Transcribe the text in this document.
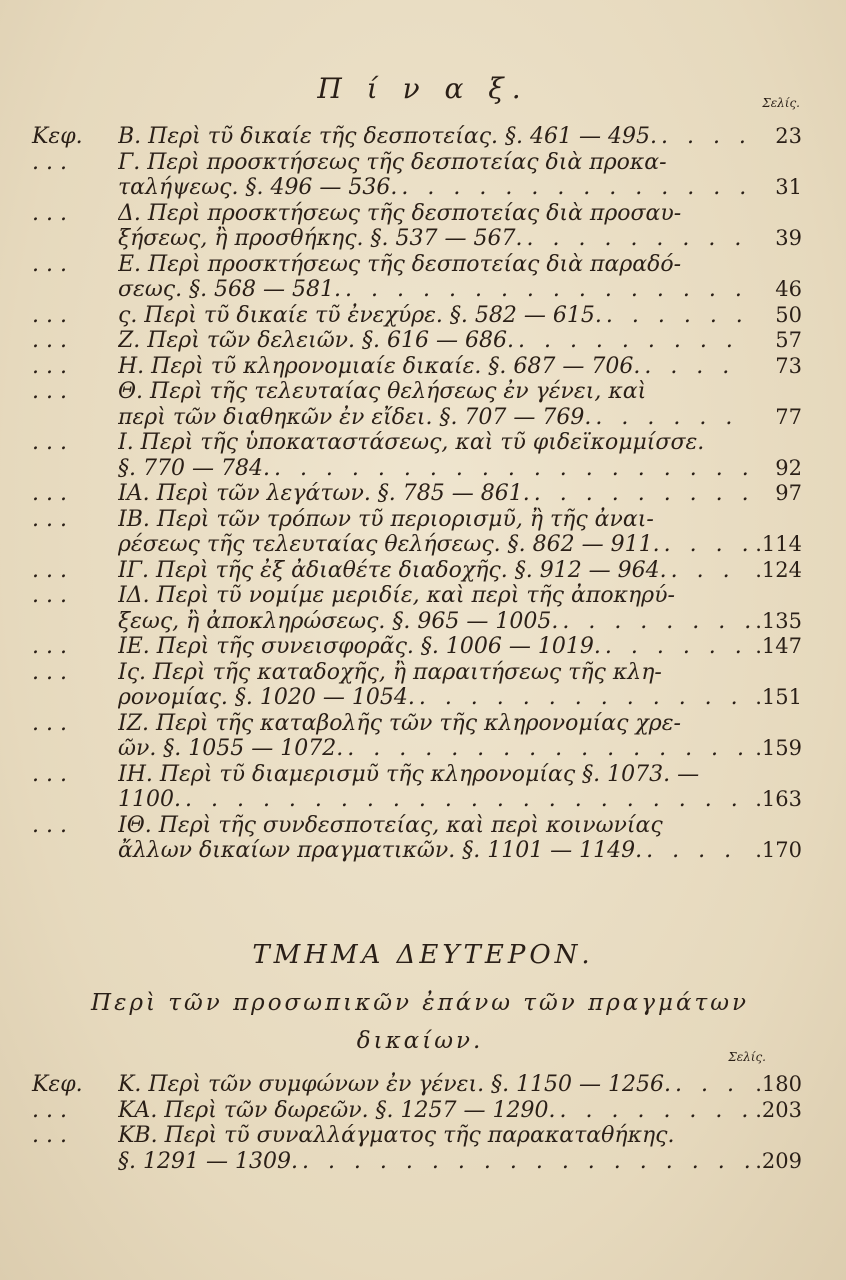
Π ί ν α ξ.	Σελίς.
Κεφ.	Β. Περὶ τῦ δικαίε τῆς δεσποτείας. §. 461 — 495. . . .	23
. . .	Γ. Περὶ προσκτήσεως τῆς δεσποτείας διὰ προκα-
ταλήψεως. §. 496 — 536. . . .	31
. . .	Δ. Περὶ προσκτήσεως τῆς δεσποτείας διὰ προσαυ-
ξήσεως, ἢ προσθήκης. §. 537 — 567. . . .	39
. . .	Ε. Περὶ προσκτήσεως τῆς δεσποτείας διὰ παραδό-
σεως. §. 568 — 581. . . .	46
. . .	ς. Περὶ τῦ δικαίε τῦ ἐνεχύρε. §. 582 — 615. . . .	50
. . .	Ζ. Περὶ τῶν δελειῶν. §. 616 — 686. . . .	57
. . .	Η. Περὶ τῦ κληρονομιαίε δικαίε. §. 687 — 706. . . .	73
. . .	Θ. Περὶ τῆς τελευταίας θελήσεως ἐν γένει, καὶ
περὶ τῶν διαθηκῶν ἐν εἴδει. §. 707 — 769. . . .	77
. . .	Ι. Περὶ τῆς ὑποκαταστάσεως, καὶ τῦ φιδεϊκομμίσσε.
§. 770 — 784. . . .	92
. . .	ΙΑ. Περὶ τῶν λεγάτων. §. 785 — 861. . . .	97
. . .	ΙΒ. Περὶ τῶν τρόπων τῦ περιορισμῦ, ἢ τῆς ἀναι-
ρέσεως τῆς τελευταίας θελήσεως. §. 862 — 911. . . .	.114
. . .	ΙΓ. Περὶ τῆς ἐξ ἀδιαθέτε διαδοχῆς. §. 912 — 964. . . .	.124
. . .	ΙΔ. Περὶ τῦ νομίμε μεριδίε, καὶ περὶ τῆς ἀποκηρύ-
ξεως, ἢ ἀποκληρώσεως. §. 965 — 1005. . . .	.135
. . .	ΙΕ. Περὶ τῆς συνεισφορᾶς. §. 1006 — 1019. . . .	.147
. . .	Ις. Περὶ τῆς καταδοχῆς, ἢ παραιτήσεως τῆς κλη-
ρονομίας. §. 1020 — 1054. . . .	.151
. . .	ΙΖ. Περὶ τῆς καταβολῆς τῶν τῆς κληρονομίας χρε-
ῶν. §. 1055 — 1072. . . .	.159
. . .	ΙΗ. Περὶ τῦ διαμερισμῦ τῆς κληρονομίας §. 1073. —
1100. . . .	.163
. . .	ΙΘ. Περὶ τῆς συνδεσποτείας, καὶ περὶ κοινωνίας
ἄλλων δικαίων πραγματικῶν. §. 1101 — 1149. . . .	.170
ΤΜΗΜΑ ΔΕΥΤΕΡΟΝ.
Περὶ τῶν προσωπικῶν ἐπάνω τῶν πραγμάτων δικαίων.
Σελίς.
Κεφ.	Κ. Περὶ τῶν συμφώνων ἐν γένει. §. 1150 — 1256. . . .	.180
. . .	ΚΑ. Περὶ τῶν δωρεῶν. §. 1257 — 1290. . . .	.203
. . .	ΚΒ. Περὶ τῦ συναλλάγματος τῆς παρακαταθήκης.
§. 1291 — 1309. . . .	.209
